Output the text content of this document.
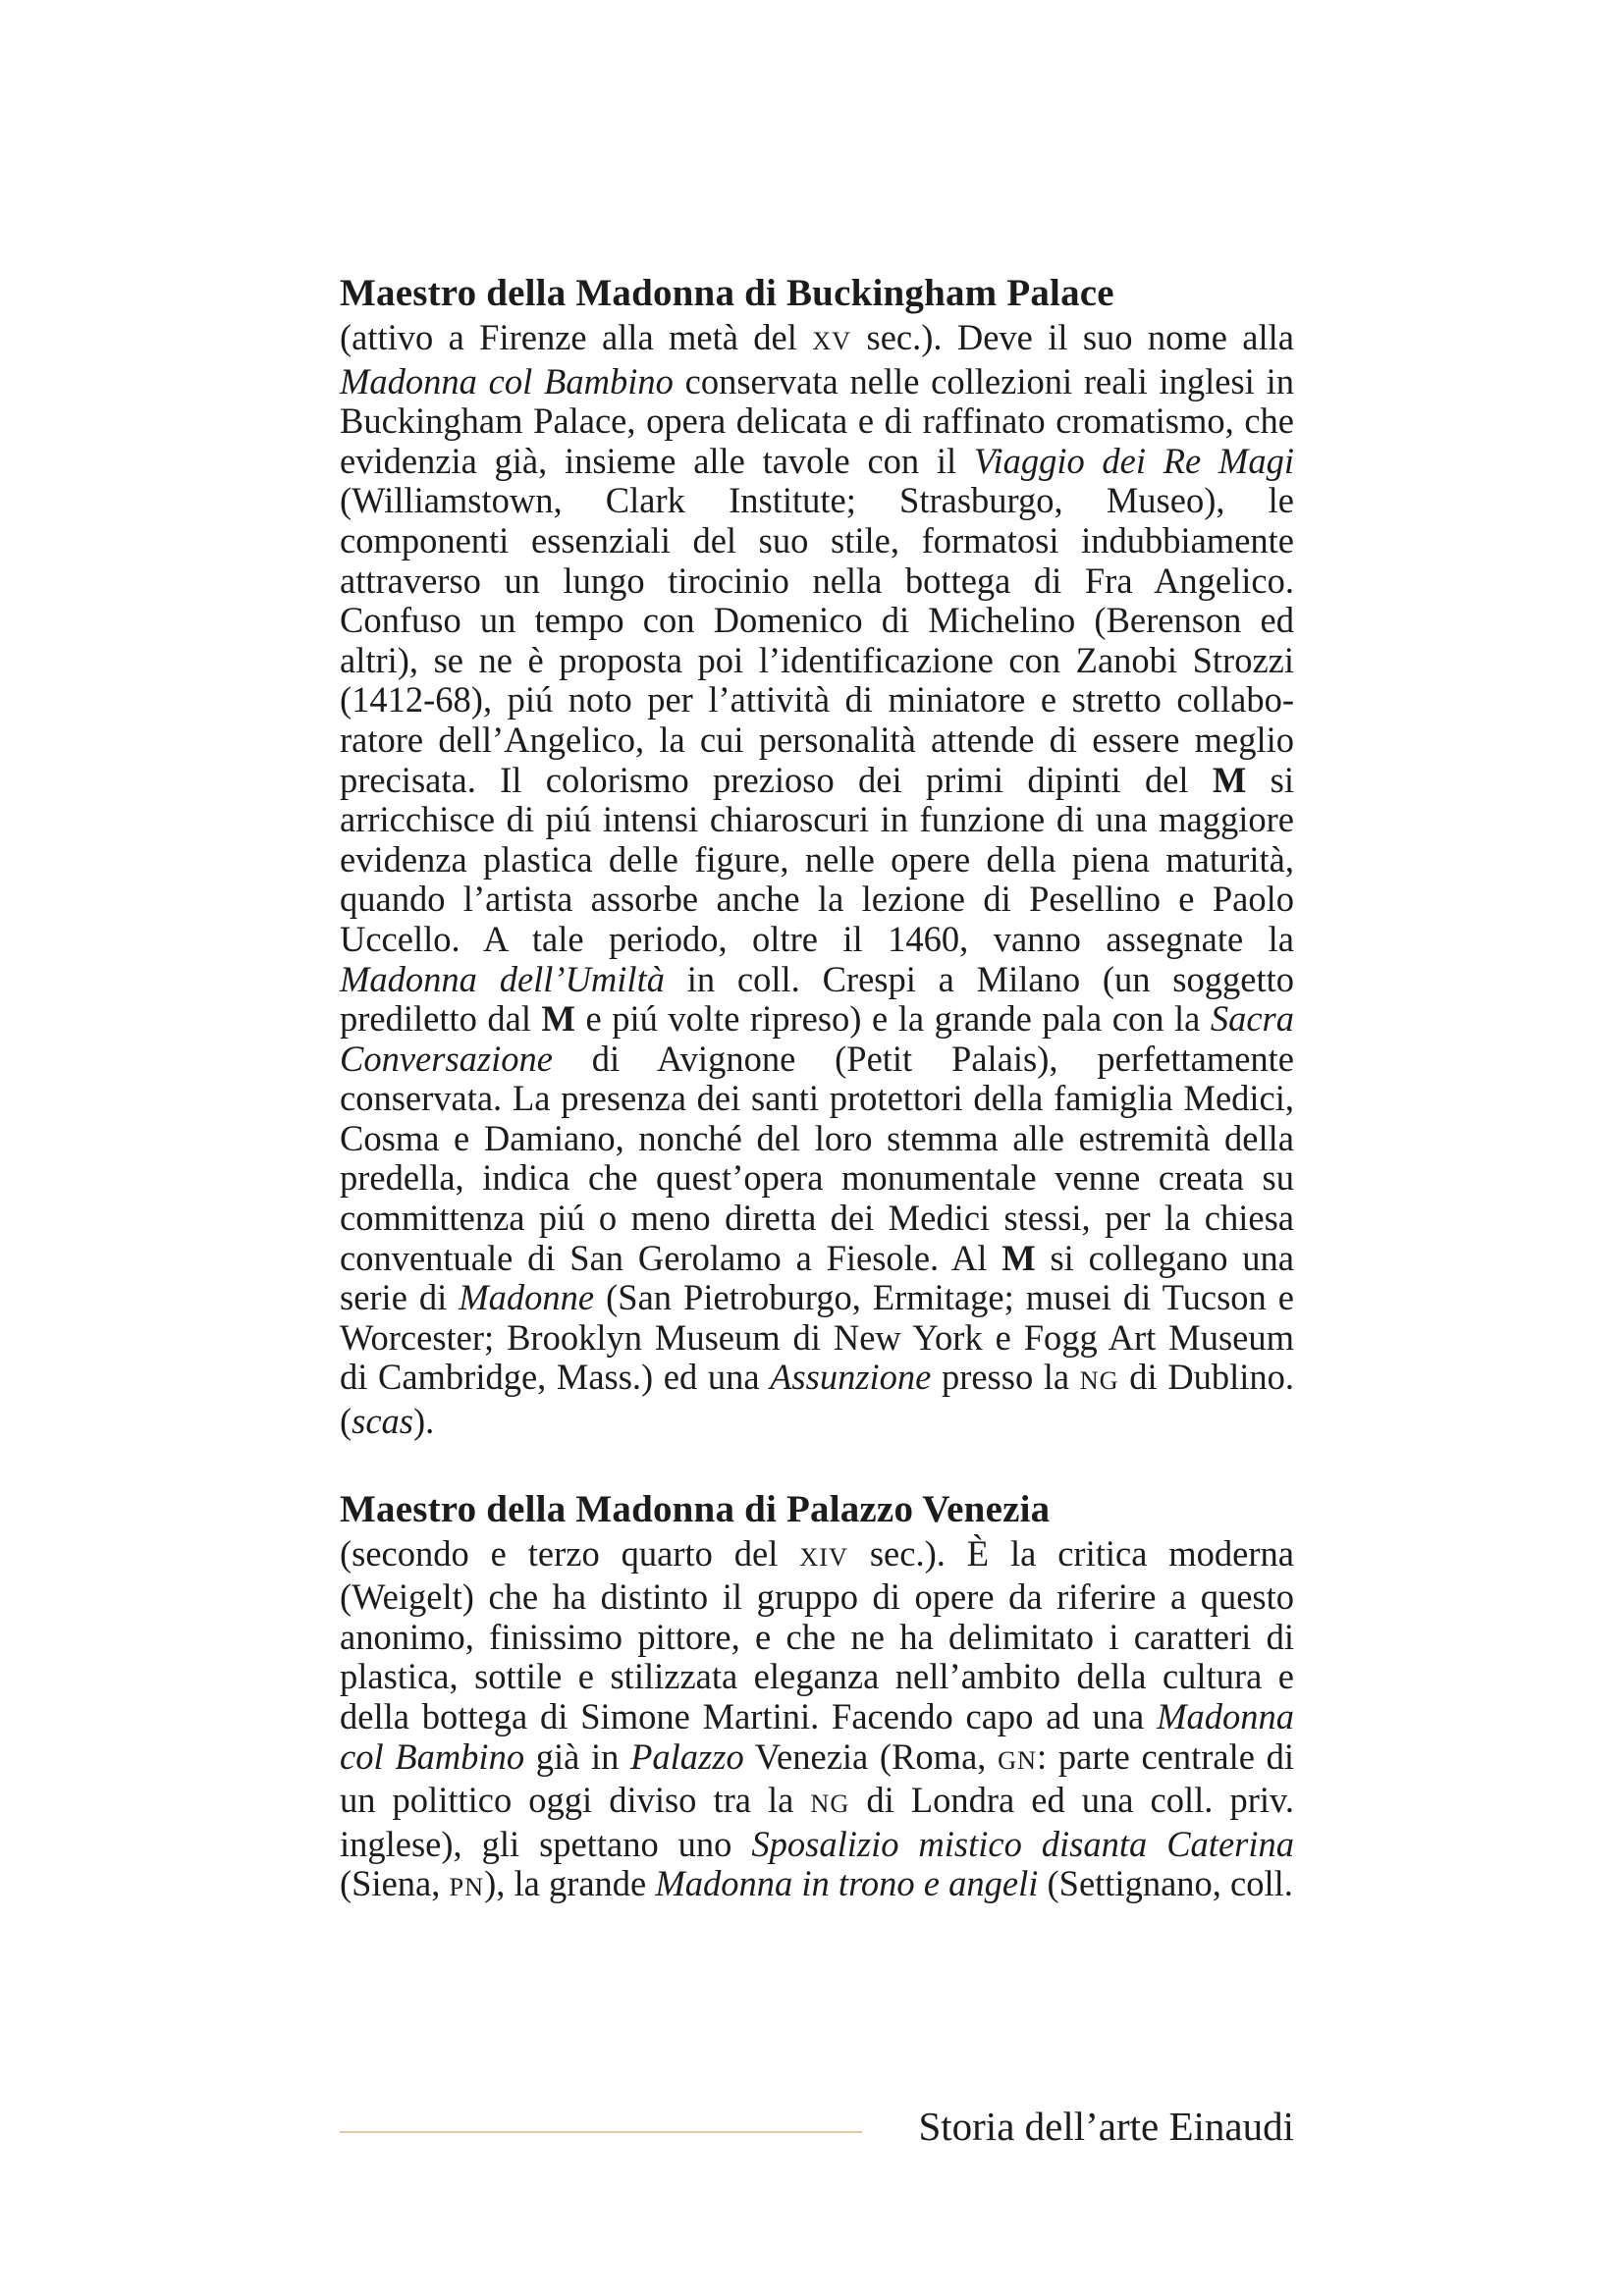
Maestro della Madonna di Buckingham Palace

(attivo a Firenze alla metà del XV sec.). Deve il suo nome alla Madonna col Bambino conservata nelle collezioni reali inglesi in Buckingham Palace, opera delicata e di raffinato cromatismo, che evidenzia già, insieme alle tavole con il Viaggio dei Re Magi (Williamstown, Clark Institute; Strasburgo, Museo), le componenti essenziali del suo stile, formatosi indubbiamente attraverso un lungo tirocinio nella bottega di Fra Angelico. Confuso un tempo con Domenico di Michelino (Berenson ed altri), se ne è proposta poi l’identificazione con Zanobi Strozzi (1412-68), piú noto per l’attività di miniatore e stretto collaboratore dell’Angelico, la cui personalità attende di essere meglio precisata. Il colorismo prezioso dei primi dipinti del M si arricchisce di piú intensi chiaroscuri in funzione di una maggiore evidenza plastica delle figure, nelle opere della piena maturità, quando l’artista assorbe anche la lezione di Pesellino e Paolo Uccello. A tale periodo, oltre il 1460, vanno assegnate la Madonna dell’Umiltà in coll. Crespi a Milano (un soggetto prediletto dal M e piú volte ripreso) e la grande pala con la Sacra Conversazione di Avignone (Petit Palais), perfettamente conservata. La presenza dei santi protettori della famiglia Medici, Cosma e Damiano, nonché del loro stemma alle estremità della predella, indica che quest’opera monumentale venne creata su committenza piú o meno diretta dei Medici stessi, per la chiesa conventuale di San Gerolamo a Fiesole. Al M si collegano una serie di Madonne (San Pietroburgo, Ermitage; musei di Tucson e Worcester; Brooklyn Museum di New York e Fogg Art Museum di Cambridge, Mass.) ed una Assunzione presso la NG di Dublino. (scas).

Maestro della Madonna di Palazzo Venezia

(secondo e terzo quarto del XIV sec.). È la critica moderna (Weigelt) che ha distinto il gruppo di opere da riferire a questo anonimo, finissimo pittore, e che ne ha delimitato i caratteri di plastica, sottile e stilizzata eleganza nell’ambito della cultura e della bottega di Simone Martini. Facendo capo ad una Madonna col Bambino già in Palazzo Venezia (Roma, GN: parte centrale di un polittico oggi diviso tra la NG di Londra ed una coll. priv. inglese), gli spettano uno Sposalizio mistico disanta Caterina (Siena, PN), la grande Madonna in trono e angeli (Settignano, coll.

Storia dell’arte Einaudi
